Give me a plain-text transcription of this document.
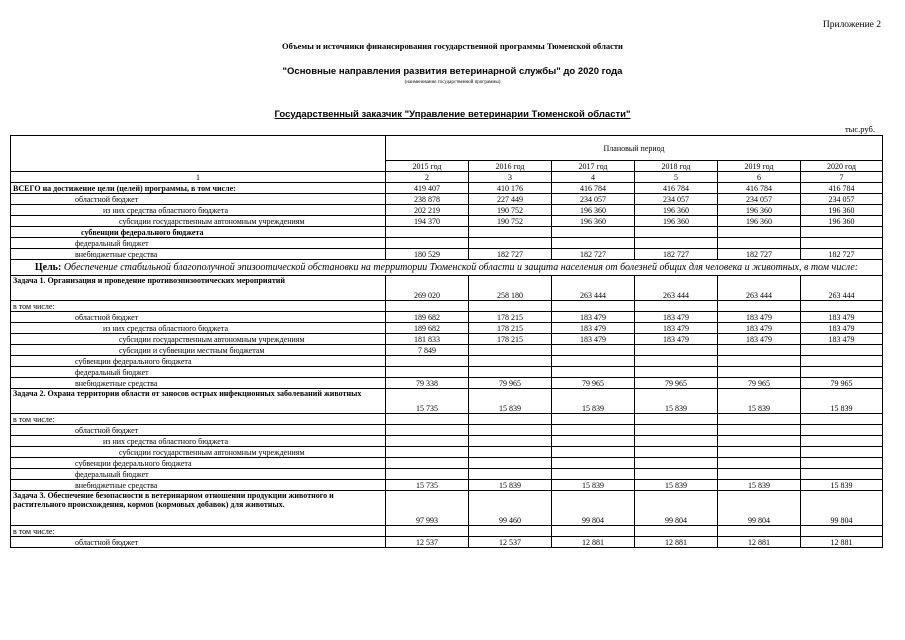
Приложение 2
Объемы и источники финансирования государственной программы Тюменской области
"Основные направления развития ветеринарной службы" до 2020 года
(наименование государственной программы)
Государственный заказчик "Управление ветеринарии Тюменской области"
тыс.руб.
	Плановый период					
	2015 год	2016 год	2017 год	2018 год	2019 год	2020 год
1	2	3	4	5	6	7
ВСЕГО на достижение цели (целей) программы, в том числе:	419 407	410 176	416 784	416 784	416 784	416 784
областной бюджет	238 878	227 449	234 057	234 057	234 057	234 057
из них средства областного бюджета	202 219	190 752	196 360	196 360	196 360	196 360
субсидии государственным автономным учреждениям	194 370	190 752	196 360	196 360	196 360	196 360
субвенции федерального бюджета						
федеральный бюджет						
внебюджетные средства	180 529	182 727	182 727	182 727	182 727	182 727
Цель: Обеспечение стабильной благополучной эпизоотической обстановки на территории Тюменской области и защита населения от болезней общих для человека и животных, в том числе:						
Задача 1. Организация и проведение противоэпизоотических мероприятий	269 020	258 180	263 444	263 444	263 444	263 444
в том числе:						
областной бюджет	189 682	178 215	183 479	183 479	183 479	183 479
из них средства областного бюджета	189 682	178 215	183 479	183 479	183 479	183 479
субсидии государственным автономным учреждениям	181 833	178 215	183 479	183 479	183 479	183 479
субсидии и субвенции местным бюджетам	7 849					
субвенции федерального бюджета						
федеральный бюджет						
внебюджетные средства	79 338	79 965	79 965	79 965	79 965	79 965
Задача 2. Охрана территории области от заносов острых инфекционных заболеваний животных	15 735	15 839	15 839	15 839	15 839	15 839
в том числе:						
областной бюджет						
из них средства областного бюджета						
субсидии государственным автономным учреждениям						
субвенции федерального бюджета						
федеральный бюджет						
внебюджетные средства	15 735	15 839	15 839	15 839	15 839	15 839
Задача 3. Обеспечение безопасности в ветеринарном отношении продукции животного и растительного происхождения, кормов (кормовых добавок) для животных.	97 993	99 460	99 804	99 804	99 804	99 804
в том числе:						
областной бюджет	12 537	12 537	12 881	12 881	12 881	12 881
